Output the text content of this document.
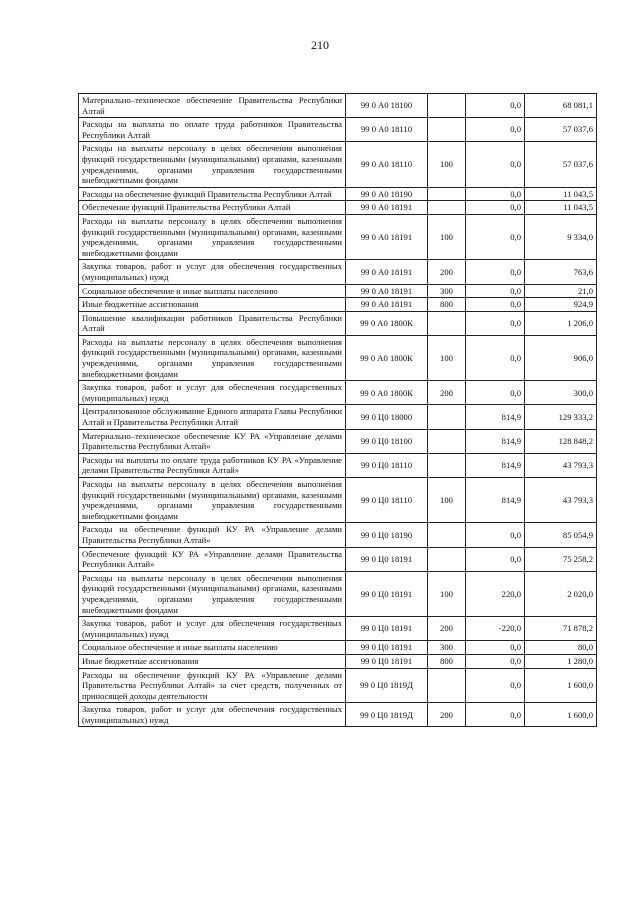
210
Материально–техническое обеспечение Правительства Республики Алтай	99 0 А0 18100		0,0	68 081,1
Расходы на выплаты по оплате труда работников Правительства Республики Алтай	99 0 А0 18110		0,0	57 037,6
Расходы на выплаты персоналу в целях обеспечения выполнения функций государственными (муниципальными) органами, казенными учреждениями, органами управления государственными внебюджетными фондами	99 0 А0 18110	100	0,0	57 037,6
Расходы на обеспечение функций Правительства Республики Алтай	99 0 А0 18190		0,0	11 043,5
Обеспечение функций Правительства Республики Алтай	99 0 А0 18191		0,0	11 043,5
Расходы на выплаты персоналу в целях обеспечения выполнения функций государственными (муниципальными) органами, казенными учреждениями, органами управления государственными внебюджетными фондами	99 0 А0 18191	100	0,0	9 334,0
Закупка товаров, работ и услуг для обеспечения государственных (муниципальных) нужд	99 0 А0 18191	200	0,0	763,6
Социальное обеспечение и иные выплаты населению	99 0 А0 18191	300	0,0	21,0
Иные бюджетные ассигнования	99 0 А0 18191	800	0,0	924,9
Повышение квалификации работников Правительства Республики Алтай	99 0 А0 1800К		0,0	1 206,0
Расходы на выплаты персоналу в целях обеспечения выполнения функций государственными (муниципальными) органами, казенными учреждениями, органами управления государственными внебюджетными фондами	99 0 А0 1800К	100	0,0	906,0
Закупка товаров, работ и услуг для обеспечения государственных (муниципальных) нужд	99 0 А0 1800К	200	0,0	300,0
Централизованное обслуживание Единого аппарата Главы Республики Алтай и Правительства Республики Алтай	99 0 Ц0 18000		814,9	129 333,2
Материально–техническое обеспечение КУ РА «Управление делами Правительства Республики Алтай»	99 0 Ц0 18100		814,9	128 848,2
Расходы на выплаты по оплате труда работников КУ РА «Управление делами Правительства Республики Алтай»	99 0 Ц0 18110		814,9	43 793,3
Расходы на выплаты персоналу в целях обеспечения выполнения функций государственными (муниципальными) органами, казенными учреждениями, органами управления государственными внебюджетными фондами	99 0 Ц0 18110	100	814,9	43 793,3
Расходы на обеспечение функций КУ РА «Управление делами Правительства Республики Алтай»	99 0 Ц0 18190		0,0	85 054,9
Обеспечение функций КУ РА «Управление делами Правительства Республики Алтай»	99 0 Ц0 18191		0,0	75 258,2
Расходы на выплаты персоналу в целях обеспечения выполнения функций государственными (муниципальными) органами, казенными учреждениями, органами управления государственными внебюджетными фондами	99 0 Ц0 18191	100	220,0	2 020,0
Закупка товаров, работ и услуг для обеспечения государственных (муниципальных) нужд	99 0 Ц0 18191	200	-220,0	71 878,2
Социальное обеспечение и иные выплаты населению	99 0 Ц0 18191	300	0,0	80,0
Иные бюджетные ассигнования	99 0 Ц0 18191	800	0,0	1 280,0
Расходы на обеспечение функций КУ РА «Управление делами Правительства Республики Алтай» за счет средств, полученных от приносящей доходы деятельности	99 0 Ц0 1819Д		0,0	1 600,0
Закупка товаров, работ и услуг для обеспечения государственных (муниципальных) нужд	99 0 Ц0 1819Д	200	0,0	1 600,0
